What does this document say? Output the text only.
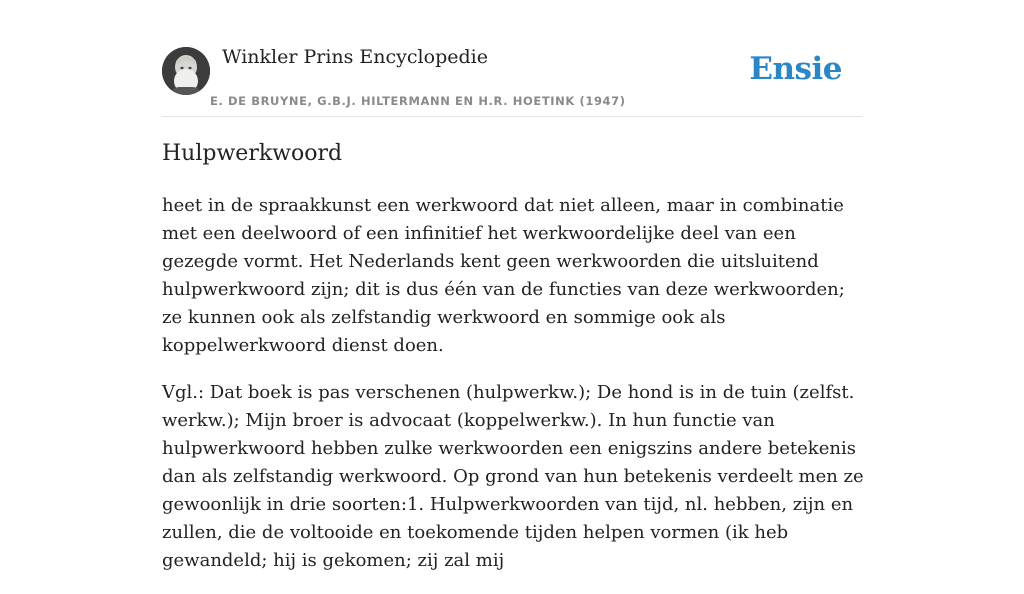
Winkler Prins Encyclopedie
E. DE BRUYNE, G.B.J. HILTERMANN EN H.R. HOETINK (1947)
Ensie
Hulpwerkwoord

heet in de spraakkunst een werkwoord dat niet alleen, maar in combinatie met een deelwoord of een infinitief het werkwoordelijke deel van een gezegde vormt. Het Nederlands kent geen werkwoorden die uitsluitend hulpwerkwoord zijn; dit is dus één van de functies van deze werkwoorden; ze kunnen ook als zelfstandig werkwoord en sommige ook als koppelwerkwoord dienst doen.

Vgl.: Dat boek is pas verschenen (hulpwerkw.); De hond is in de tuin (zelfst. werkw.); Mijn broer is advocaat (koppelwerkw.). In hun functie van hulpwerkwoord hebben zulke werkwoorden een enigszins andere betekenis dan als zelfstandig werkwoord. Op grond van hun betekenis verdeelt men ze gewoonlijk in drie soorten:1. Hulpwerkwoorden van tijd, nl. hebben, zijn en zullen, die de voltooide en toekomende tijden helpen vormen (ik heb gewandeld; hij is gekomen; zij zal mij
